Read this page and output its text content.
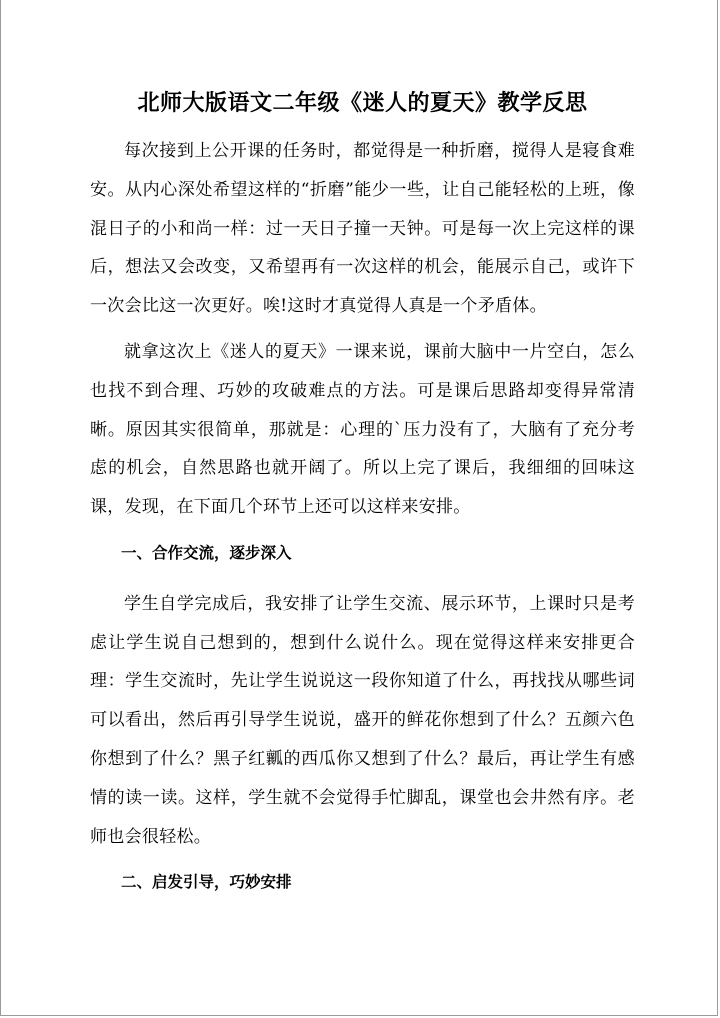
北师大版语文二年级《迷人的夏天》教学反思

每次接到上公开课的任务时，都觉得是一种折磨，搅得人是寝食难安。从内心深处希望这样的“折磨”能少一些，让自己能轻松的上班，像混日子的小和尚一样：过一天日子撞一天钟。可是每一次上完这样的课后，想法又会改变，又希望再有一次这样的机会，能展示自己，或许下一次会比这一次更好。唉!这时才真觉得人真是一个矛盾体。

就拿这次上《迷人的夏天》一课来说，课前大脑中一片空白，怎么也找不到合理、巧妙的攻破难点的方法。可是课后思路却变得异常清晰。原因其实很简单，那就是：心理的`压力没有了，大脑有了充分考虑的机会，自然思路也就开阔了。所以上完了课后，我细细的回味这课，发现，在下面几个环节上还可以这样来安排。

一、合作交流，逐步深入

学生自学完成后，我安排了让学生交流、展示环节，上课时只是考虑让学生说自己想到的，想到什么说什么。现在觉得这样来安排更合理：学生交流时，先让学生说说这一段你知道了什么，再找找从哪些词可以看出，然后再引导学生说说，盛开的鲜花你想到了什么？五颜六色你想到了什么？黑子红瓤的西瓜你又想到了什么？最后，再让学生有感 情的读一读。这样，学生就不会觉得手忙脚乱，课堂也会井然有序。老师也会很轻松。

二、启发引导，巧妙安排
